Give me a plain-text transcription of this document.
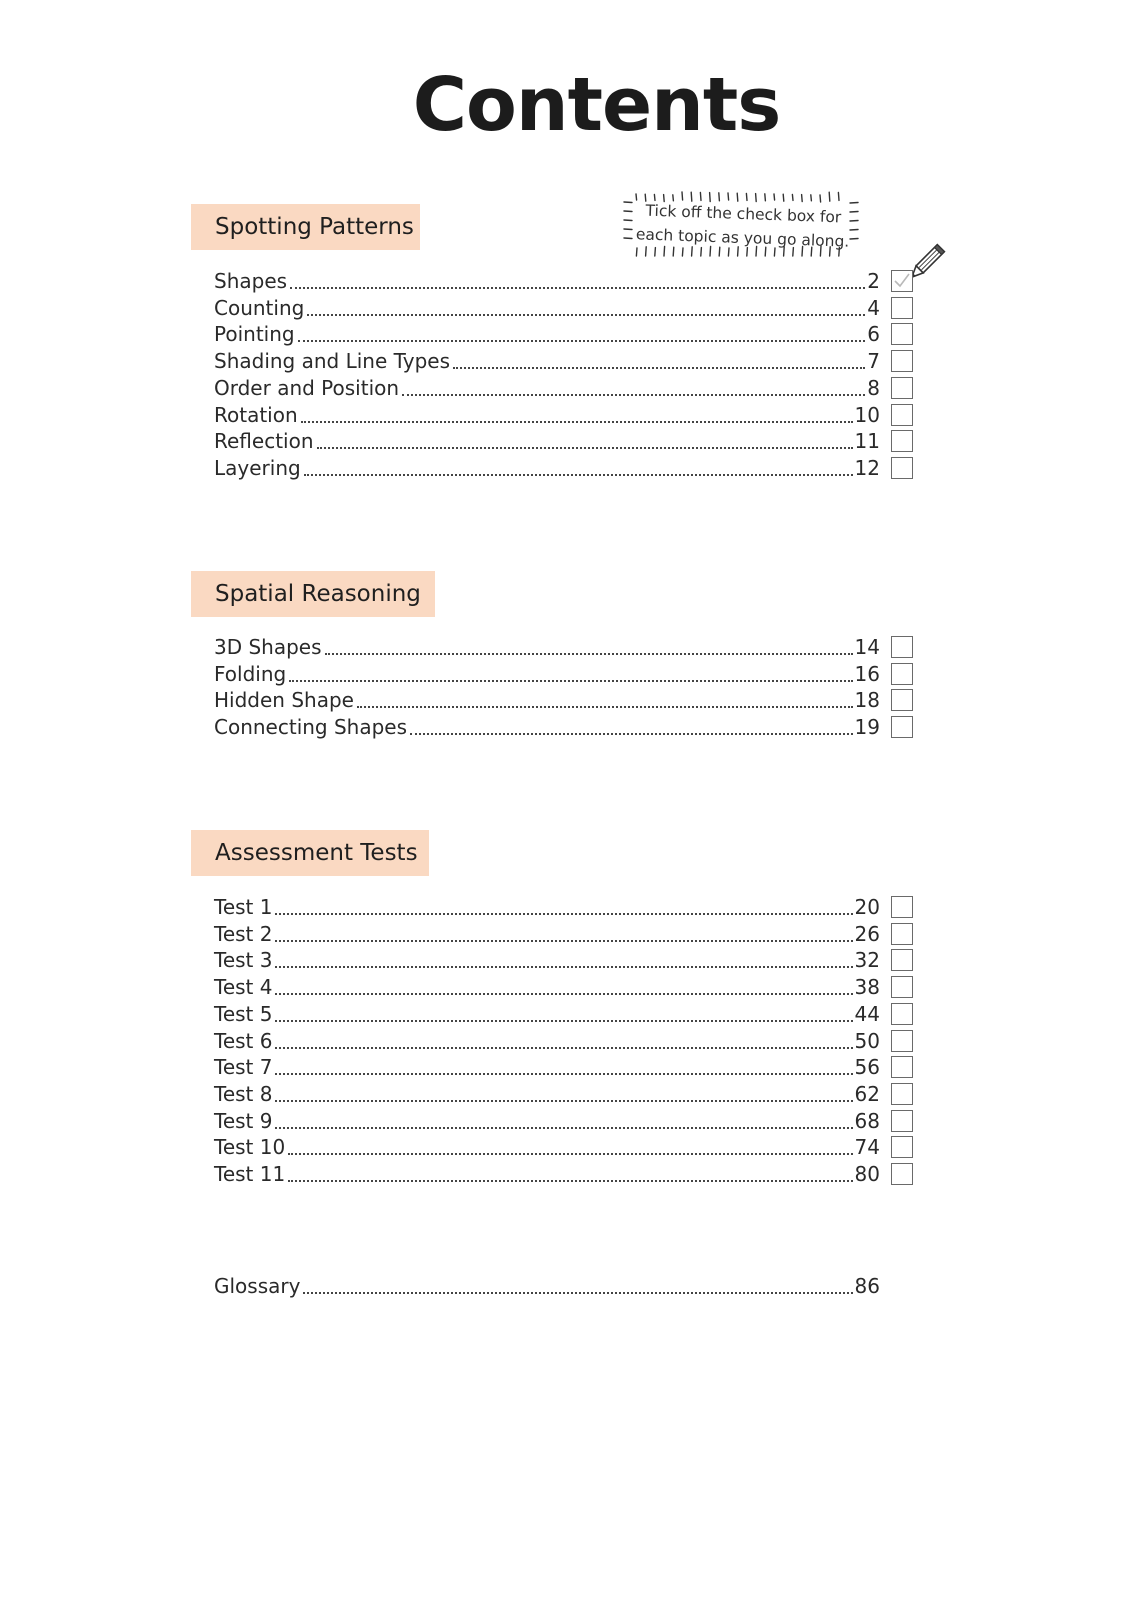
Contents
Tick off the check box for
each topic as you go along.
Spotting Patterns
Shapes	2
Counting	4
Pointing	6
Shading and Line Types	7
Order and Position	8
Rotation	10
Reflection	11
Layering	12
Spatial Reasoning
3D Shapes	14
Folding	16
Hidden Shape	18
Connecting Shapes	19
Assessment Tests
Test 1	20
Test 2	26
Test 3	32
Test 4	38
Test 5	44
Test 6	50
Test 7	56
Test 8	62
Test 9	68
Test 10	74
Test 11	80
Glossary	86
